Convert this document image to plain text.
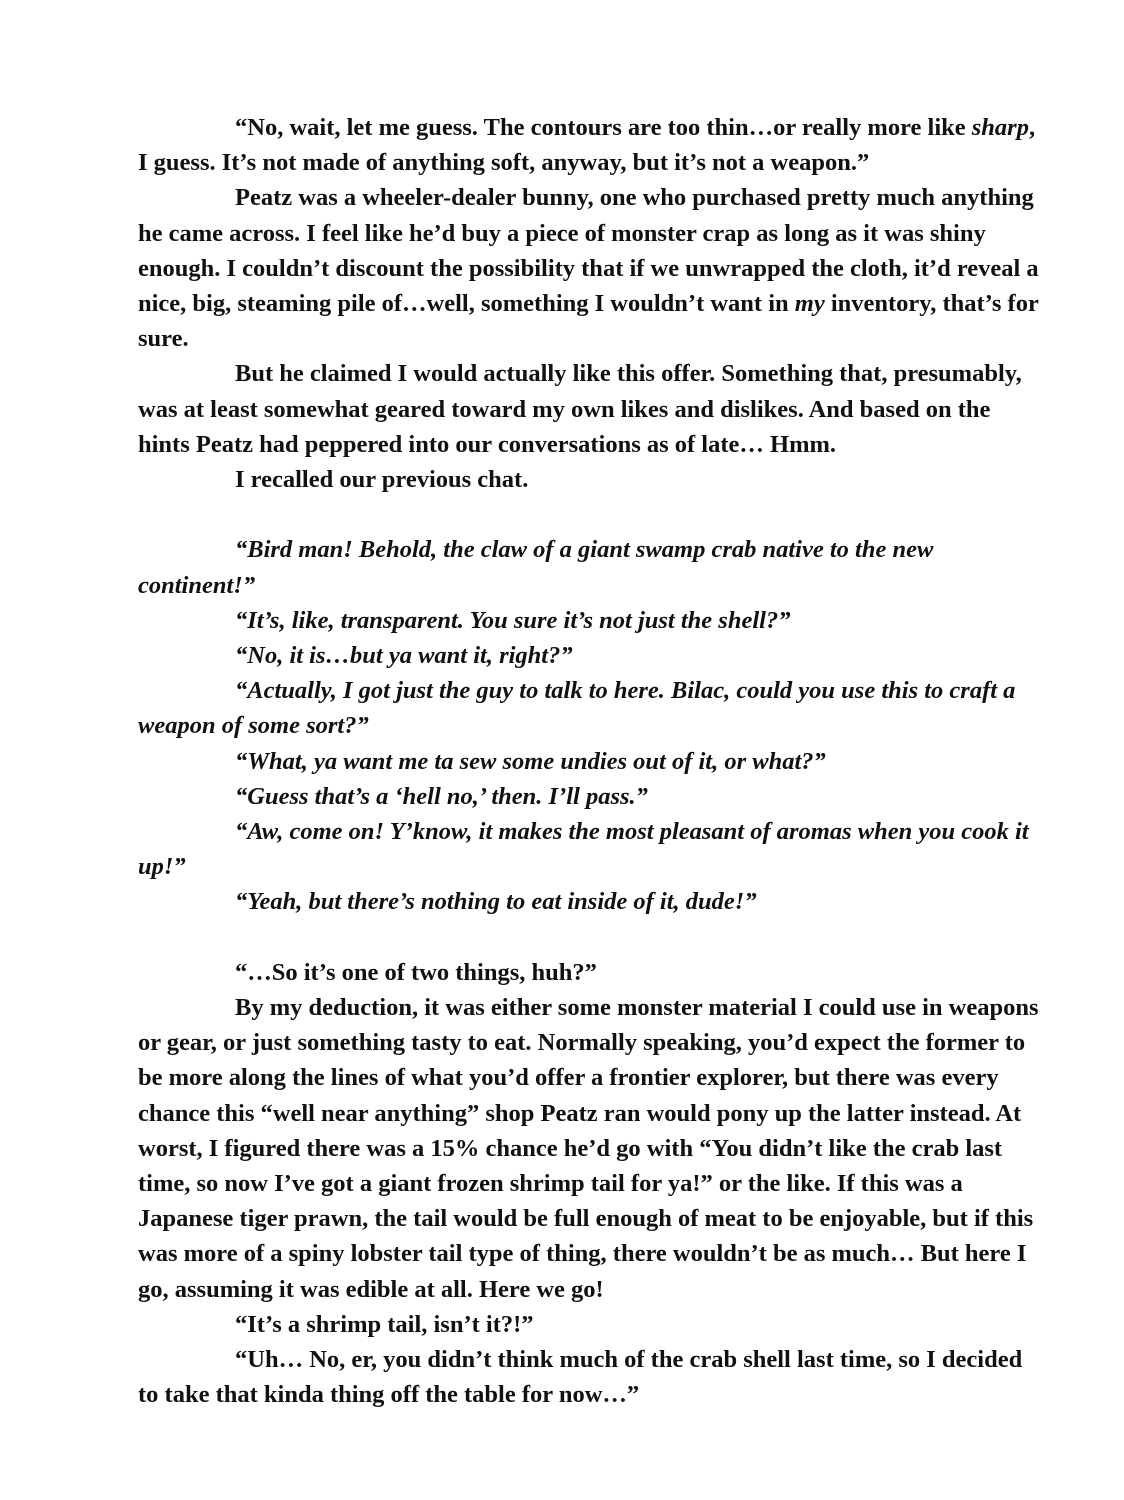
“No, wait, let me guess. The contours are too thin…or really more like sharp, I guess. It’s not made of anything soft, anyway, but it’s not a weapon.”

Peatz was a wheeler-dealer bunny, one who purchased pretty much anything he came across. I feel like he’d buy a piece of monster crap as long as it was shiny enough. I couldn’t discount the possibility that if we unwrapped the cloth, it’d reveal a nice, big, steaming pile of…well, something I wouldn’t want in my inventory, that’s for sure.

But he claimed I would actually like this offer. Something that, presumably, was at least somewhat geared toward my own likes and dislikes. And based on the hints Peatz had peppered into our conversations as of late… Hmm.

I recalled our previous chat.

“Bird man! Behold, the claw of a giant swamp crab native to the new continent!”

“It’s, like, transparent. You sure it’s not just the shell?”

“No, it is…but ya want it, right?”

“Actually, I got just the guy to talk to here. Bilac, could you use this to craft a weapon of some sort?”

“What, ya want me ta sew some undies out of it, or what?”

“Guess that’s a ‘hell no,’ then. I’ll pass.”

“Aw, come on! Y’know, it makes the most pleasant of aromas when you cook it up!”

“Yeah, but there’s nothing to eat inside of it, dude!”

“…So it’s one of two things, huh?”

By my deduction, it was either some monster material I could use in weapons or gear, or just something tasty to eat. Normally speaking, you’d expect the former to be more along the lines of what you’d offer a frontier explorer, but there was every chance this “well near anything” shop Peatz ran would pony up the latter instead. At worst, I figured there was a 15% chance he’d go with “You didn’t like the crab last time, so now I’ve got a giant frozen shrimp tail for ya!” or the like. If this was a Japanese tiger prawn, the tail would be full enough of meat to be enjoyable, but if this was more of a spiny lobster tail type of thing, there wouldn’t be as much… But here I go, assuming it was edible at all. Here we go!

“It’s a shrimp tail, isn’t it?!”

“Uh… No, er, you didn’t think much of the crab shell last time, so I decided to take that kinda thing off the table for now…”
